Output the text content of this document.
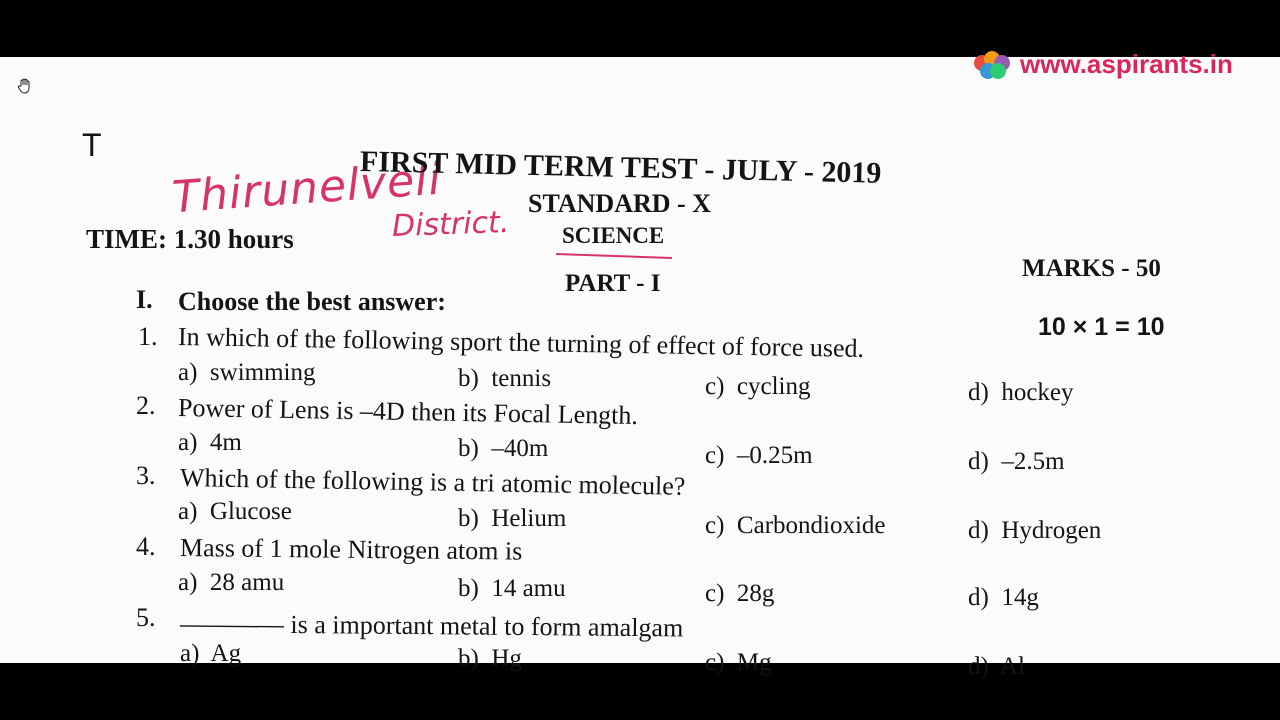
www.aspirants.in
T
Thirunelveli
District.
FIRST MID TERM TEST - JULY - 2019
STANDARD - X
TIME: 1.30 hours	SCIENCE
PART - I
MARKS - 50
10 × 1 = 10
I. Choose the best answer:
1. In which of the following sport the turning of effect of force used.
a) swimming	b) tennis	c) cycling	d) hockey
2. Power of Lens is –4D then its Focal Length.
a) 4m	b) –40m	c) –0.25m	d) –2.5m
3. Which of the following is a tri atomic molecule?
a) Glucose	b) Helium	c) Carbondioxide	d) Hydrogen
4. Mass of 1 mole Nitrogen atom is
a) 28 amu	b) 14 amu	c) 28g	d) 14g
5. ———— is a important metal to form amalgam
a) Ag	b) Hg	c) Mg	d) Al
